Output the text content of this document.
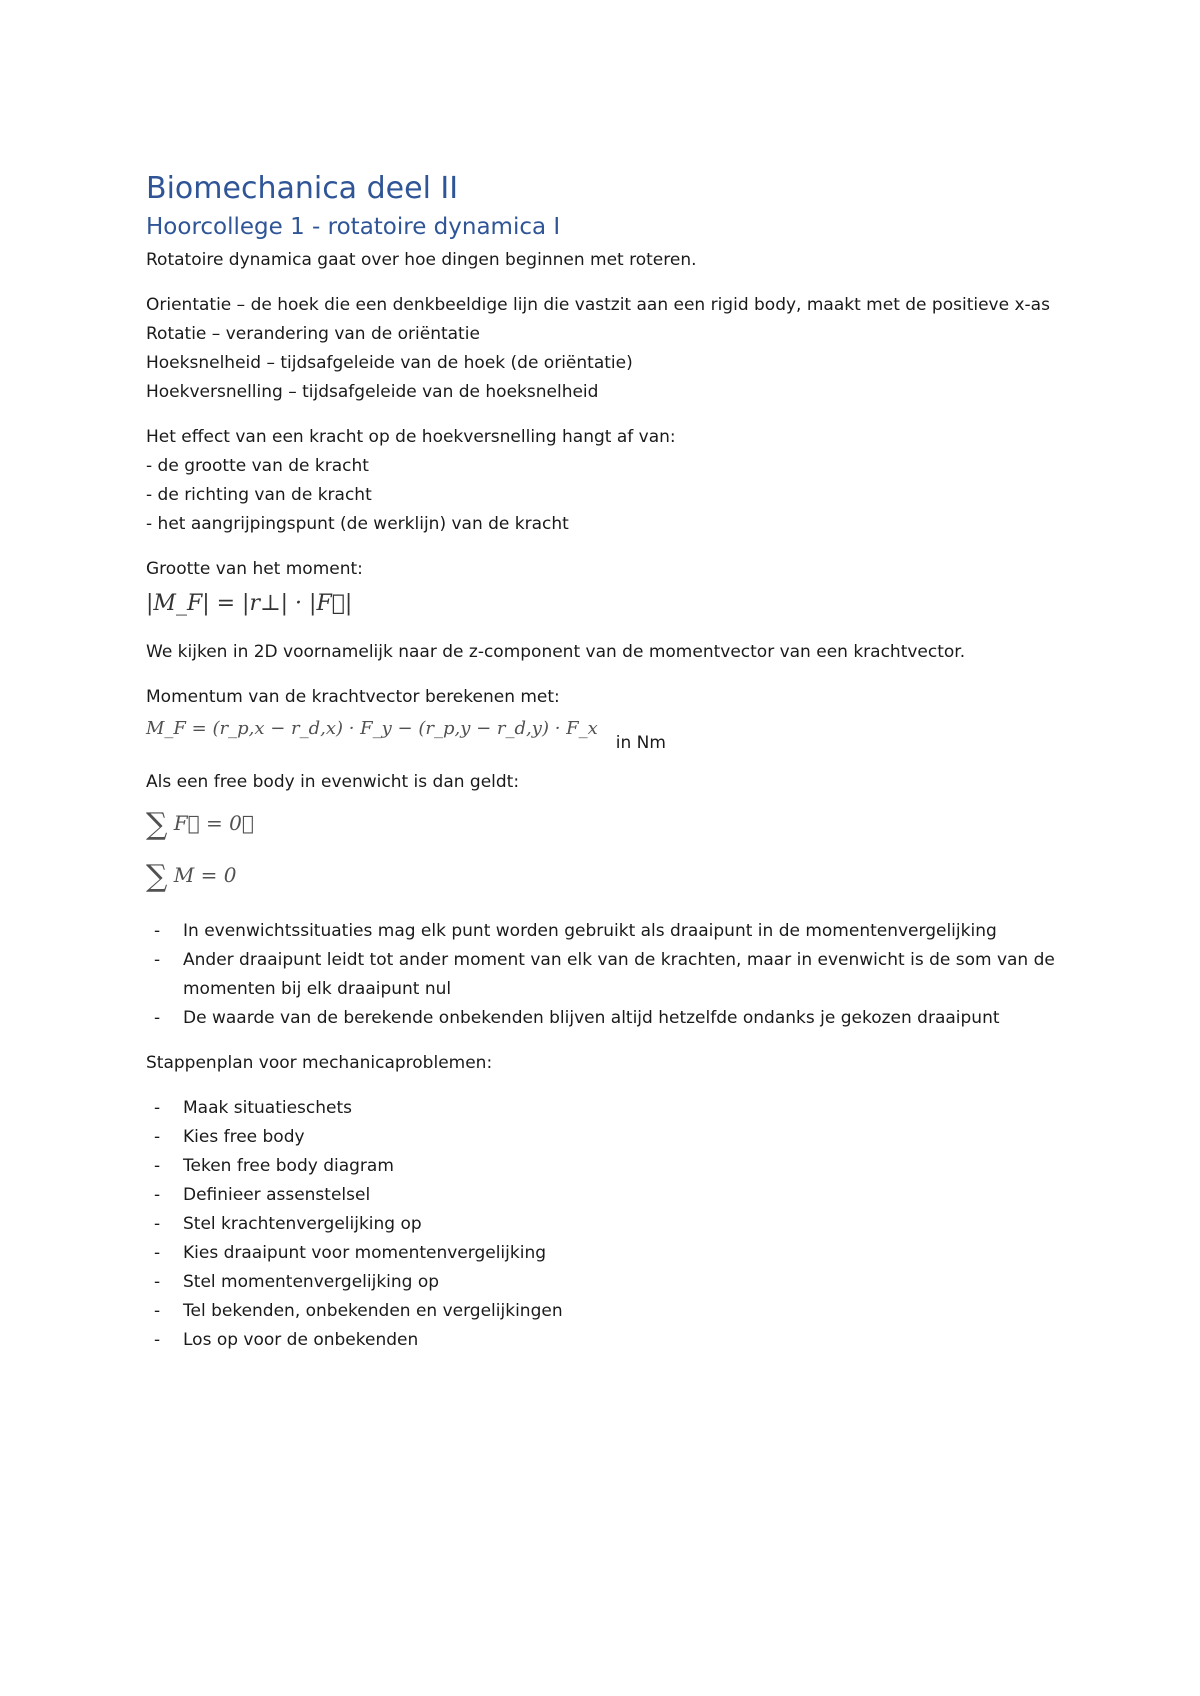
Biomechanica deel II
Hoorcollege 1 - rotatoire dynamica I

Rotatoire dynamica gaat over hoe dingen beginnen met roteren.

Orientatie – de hoek die een denkbeeldige lijn die vastzit aan een rigid body, maakt met de positieve x-as

Rotatie – verandering van de oriëntatie

Hoeksnelheid – tijdsafgeleide van de hoek (de oriëntatie)

Hoekversnelling – tijdsafgeleide van de hoeksnelheid

Het effect van een kracht op de hoekversnelling hangt af van:

- de grootte van de kracht

- de richting van de kracht

- het aangrijpingspunt (de werklijn) van de kracht

Grootte van het moment:

|M_F| = |r⊥| · |F⃗|

We kijken in 2D voornamelijk naar de z-component van de momentvector van een krachtvector.

Momentum van de krachtvector berekenen met:

M_F = (r_p,x − r_d,x) · F_y − (r_p,y − r_d,y) · F_x
in Nm

Als een free body in evenwicht is dan geldt:

∑ F⃗ = 0⃗
∑ M = 0
- In evenwichtssituaties mag elk punt worden gebruikt als draaipunt in de momentenvergelijking
- Ander draaipunt leidt tot ander moment van elk van de krachten, maar in evenwicht is de som van de momenten bij elk draaipunt nul
- De waarde van de berekende onbekenden blijven altijd hetzelfde ondanks je gekozen draaipunt

Stappenplan voor mechanicaproblemen:

- Maak situatieschets
- Kies free body
- Teken free body diagram
- Definieer assenstelsel
- Stel krachtenvergelijking op
- Kies draaipunt voor momentenvergelijking
- Stel momentenvergelijking op
- Tel bekenden, onbekenden en vergelijkingen
- Los op voor de onbekenden
